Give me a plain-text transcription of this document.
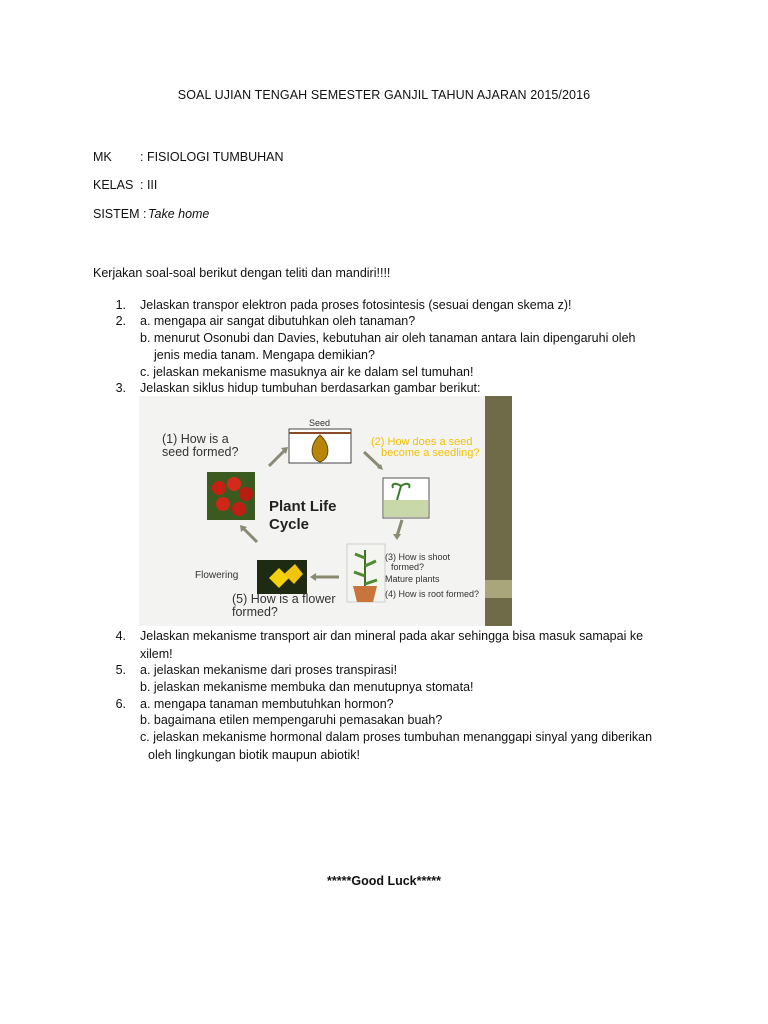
SOAL UJIAN TENGAH SEMESTER GANJIL TAHUN AJARAN 2015/2016
MK : FISIOLOGI TUMBUHAN
KELAS : III
SISTEM : Take home
Kerjakan soal-soal berikut dengan teliti dan mandiri!!!!
1. Jelaskan transpor elektron pada proses fotosintesis (sesuai dengan skema z)!
2. a. mengapa air sangat dibutuhkan oleh tanaman?
b. menurut Osonubi dan Davies, kebutuhan air oleh tanaman antara lain dipengaruhi oleh
jenis media tanam. Mengapa demikian?
c. jelaskan mekanisme masuknya air ke dalam sel tumuhan!
3. Jelaskan siklus hidup tumbuhan berdasarkan gambar berikut:
Seed
(1) How is a
seed formed?
(2) How does a seed
become a seedling?
Plant Life
Cycle
(3) How is shoot
formed?
Mature plants
(4) How is root formed?
Flowering
(5) How is a flower
formed?
4. Jelaskan mekanisme transport air dan mineral pada akar sehingga bisa masuk samapai ke
xilem!
5. a. jelaskan mekanisme dari proses transpirasi!
b. jelaskan mekanisme membuka dan menutupnya stomata!
6. a. mengapa tanaman membutuhkan hormon?
b. bagaimana etilen mempengaruhi pemasakan buah?
c. jelaskan mekanisme hormonal dalam proses tumbuhan menanggapi sinyal yang diberikan
oleh lingkungan biotik maupun abiotik!
*****Good Luck*****
